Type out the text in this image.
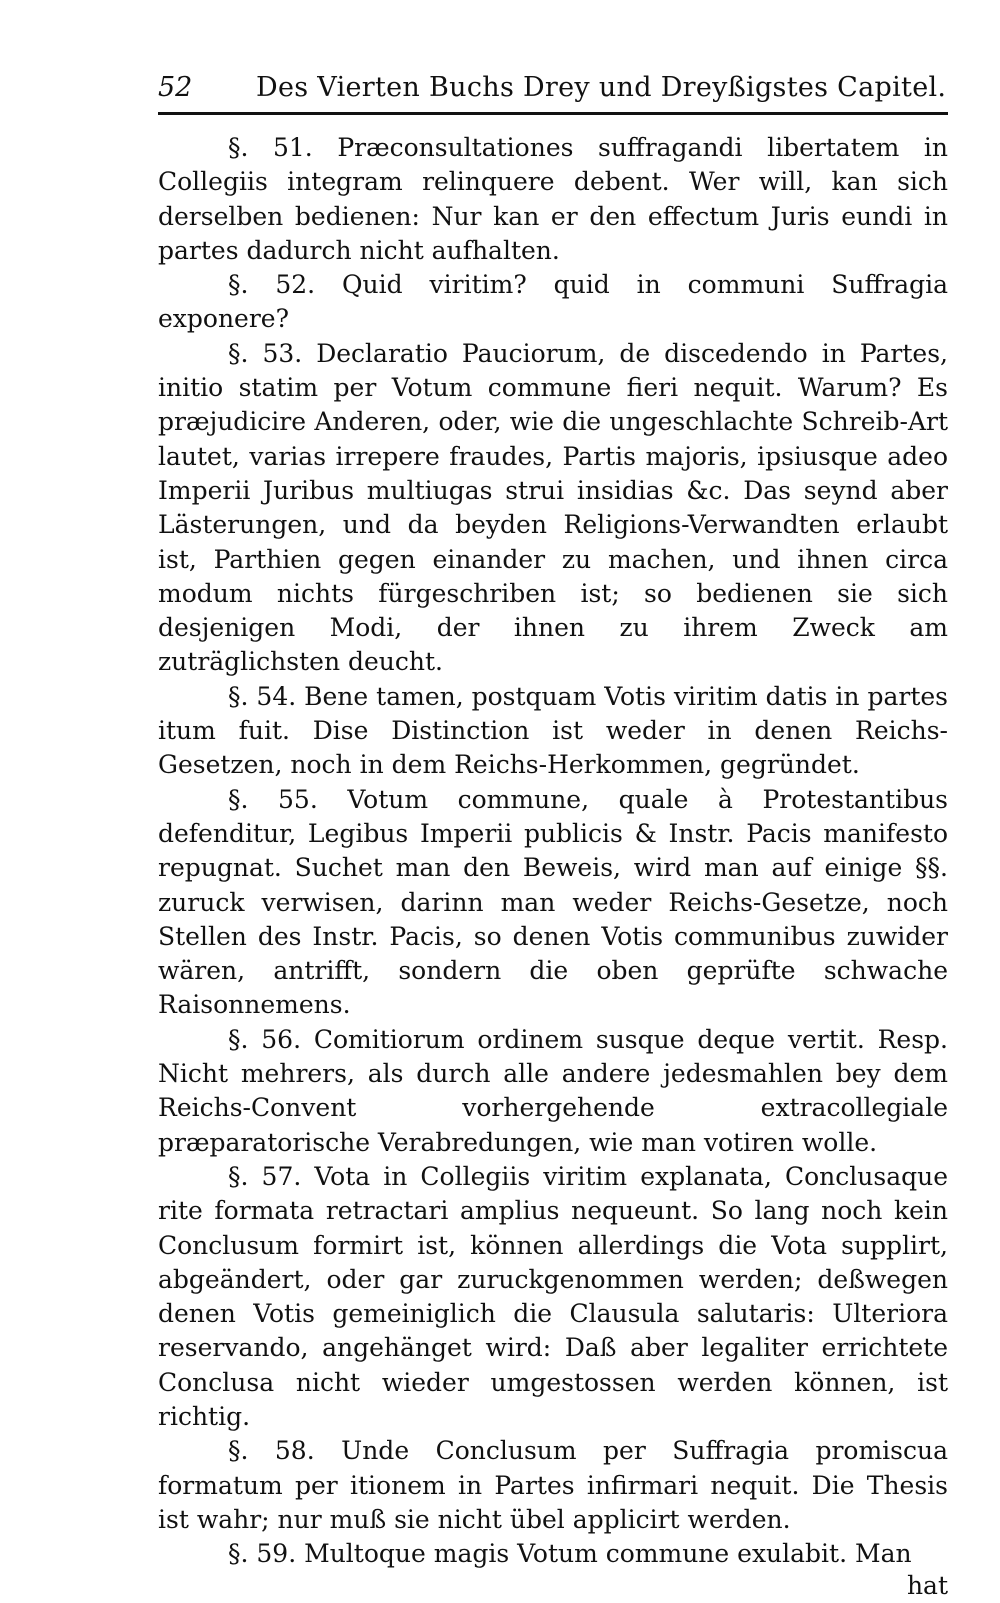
52 Des Vierten Buchs Drey und Dreyßigstes Capitel.

§. 51. Præconsultationes suffragandi libertatem in Collegiis integram relinquere debent. Wer will, kan sich derselben bedienen: Nur kan er den effectum Juris eundi in partes dadurch nicht aufhalten.

§. 52. Quid viritim? quid in communi Suffragia exponere?

§. 53. Declaratio Pauciorum, de discedendo in Partes, initio statim per Votum commune fieri nequit. Warum? Es præjudicire Anderen, oder, wie die ungeschlachte Schreib-Art lautet, varias irrepere fraudes, Partis majoris, ipsiusque adeo Imperii Juribus multiugas strui insidias &c. Das seynd aber Lästerungen, und da beyden Religions-Verwandten erlaubt ist, Parthien gegen einander zu machen, und ihnen circa modum nichts fürgeschriben ist; so bedienen sie sich desjenigen Modi, der ihnen zu ihrem Zweck am zuträglichsten deucht.

§. 54. Bene tamen, postquam Votis viritim datis in partes itum fuit. Dise Distinction ist weder in denen Reichs-Gesetzen, noch in dem Reichs-Herkommen, gegründet.

§. 55. Votum commune, quale à Protestantibus defenditur, Legibus Imperii publicis & Instr. Pacis manifesto repugnat. Suchet man den Beweis, wird man auf einige §§. zuruck verwisen, darinn man weder Reichs-Gesetze, noch Stellen des Instr. Pacis, so denen Votis communibus zuwider wären, antrifft, sondern die oben geprüfte schwache Raisonnemens.

§. 56. Comitiorum ordinem susque deque vertit. Resp. Nicht mehrers, als durch alle andere jedesmahlen bey dem Reichs-Convent vorhergehende extracollegiale præparatorische Verabredungen, wie man votiren wolle.

§. 57. Vota in Collegiis viritim explanata, Conclusaque rite formata retractari amplius nequeunt. So lang noch kein Conclusum formirt ist, können allerdings die Vota supplirt, abgeändert, oder gar zuruckgenommen werden; deßwegen denen Votis gemeiniglich die Clausula salutaris: Ulteriora reservando, angehänget wird: Daß aber legaliter errichtete Conclusa nicht wieder umgestossen werden können, ist richtig.

§. 58. Unde Conclusum per Suffragia promiscua formatum per itionem in Partes infirmari nequit. Die Thesis ist wahr; nur muß sie nicht übel applicirt werden.

§. 59. Multoque magis Votum commune exulabit. Man

hat
